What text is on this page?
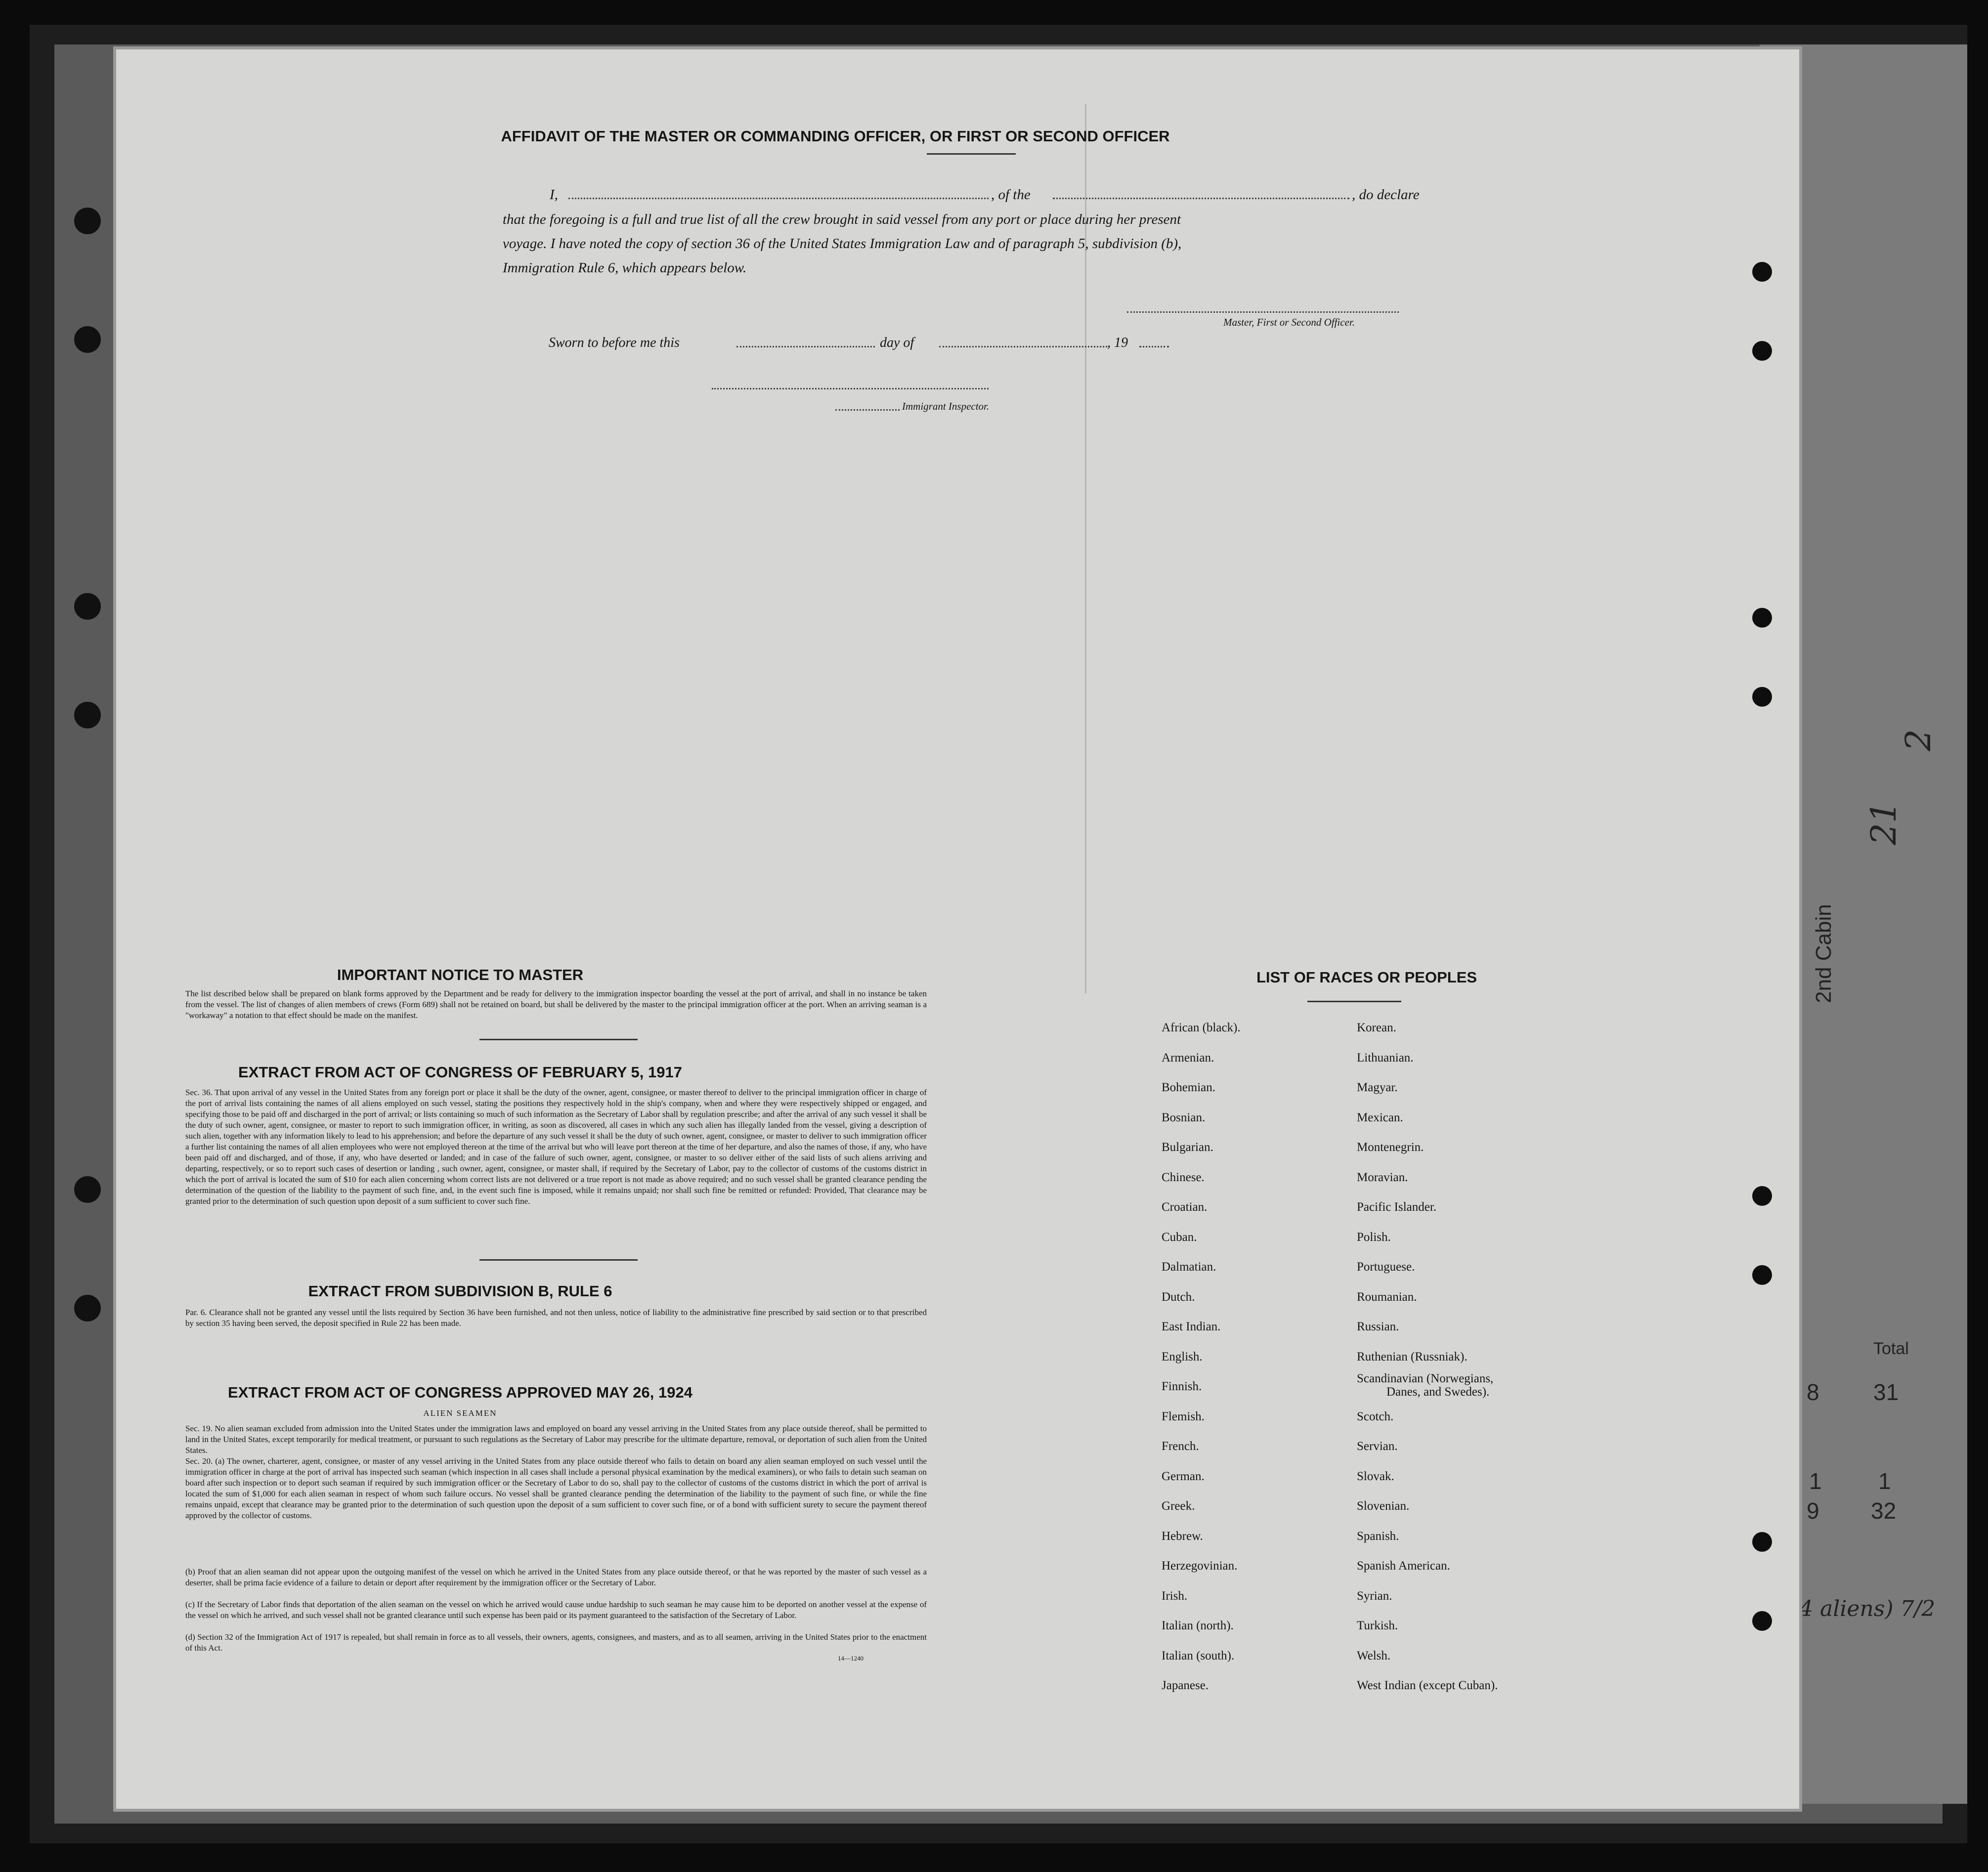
2nd Cabin
Total
8 31
1 1
9 32
21
2
4 aliens) 7/2
AFFIDAVIT OF THE MASTER OR COMMANDING OFFICER, OR FIRST OR SECOND OFFICER
I,	, of the	, do declare
that the foregoing is a full and true list of all the crew brought in said vessel from any port or place during her present
voyage. I have noted the copy of section 36 of the United States Immigration Law and of paragraph 5, subdivision (b),
Immigration Rule 6, which appears below.
Master, First or Second Officer.
Sworn to before me this	day of	, 19
Immigrant Inspector.
IMPORTANT NOTICE TO MASTER
The list described below shall be prepared on blank forms approved by the Department and be ready for delivery to the immigration inspector boarding the vessel at the port of arrival, and shall in no instance be taken from the vessel. The list of changes of alien members of crews (Form 689) shall not be retained on board, but shall be delivered by the master to the principal immigration officer at the port. When an arriving seaman is a "workaway" a notation to that effect should be made on the manifest.
EXTRACT FROM ACT OF CONGRESS OF FEBRUARY 5, 1917
Sec. 36. That upon arrival of any vessel in the United States from any foreign port or place it shall be the duty of the owner, agent, consignee, or master thereof to deliver to the principal immigration officer in charge of the port of arrival lists containing the names of all aliens employed on such vessel, stating the positions they respectively hold in the ship's company, when and where they were respectively shipped or engaged, and specifying those to be paid off and discharged in the port of arrival; or lists containing so much of such information as the Secretary of Labor shall by regulation prescribe; and after the arrival of any such vessel it shall be the duty of such owner, agent, consignee, or master to report to such immigration officer, in writing, as soon as discovered, all cases in which any such alien has illegally landed from the vessel, giving a description of such alien, together with any information likely to lead to his apprehension; and before the departure of any such vessel it shall be the duty of such owner, agent, consignee, or master to deliver to such immigration officer a further list containing the names of all alien employees who were not employed thereon at the time of the arrival but who will leave port thereon at the time of her departure, and also the names of those, if any, who have been paid off and discharged, and of those, if any, who have deserted or landed; and in case of the failure of such owner, agent, consignee, or master to so deliver either of the said lists of such aliens arriving and departing, respectively, or so to report such cases of desertion or landing , such owner, agent, consignee, or master shall, if required by the Secretary of Labor, pay to the collector of customs of the customs district in which the port of arrival is located the sum of $10 for each alien concerning whom correct lists are not delivered or a true report is not made as above required; and no such vessel shall be granted clearance pending the determination of the question of the liability to the payment of such fine, and, in the event such fine is imposed, while it remains unpaid; nor shall such fine be remitted or refunded: Provided, That clearance may be granted prior to the determination of such question upon deposit of a sum sufficient to cover such fine.
EXTRACT FROM SUBDIVISION B, RULE 6
Par. 6. Clearance shall not be granted any vessel until the lists required by Section 36 have been furnished, and not then unless, notice of liability to the administrative fine prescribed by said section or to that prescribed by section 35 having been served, the deposit specified in Rule 22 has been made.
EXTRACT FROM ACT OF CONGRESS APPROVED MAY 26, 1924
ALIEN SEAMEN
Sec. 19. No alien seaman excluded from admission into the United States under the immigration laws and employed on board any vessel arriving in the United States from any place outside thereof, shall be permitted to land in the United States, except temporarily for medical treatment, or pursuant to such regulations as the Secretary of Labor may prescribe for the ultimate departure, removal, or deportation of such alien from the United States.
Sec. 20. (a) The owner, charterer, agent, consignee, or master of any vessel arriving in the United States from any place outside thereof who fails to detain on board any alien seaman employed on such vessel until the immigration officer in charge at the port of arrival has inspected such seaman (which inspection in all cases shall include a personal physical examination by the medical examiners), or who fails to detain such seaman on board after such inspection or to deport such seaman if required by such immigration officer or the Secretary of Labor to do so, shall pay to the collector of customs of the customs district in which the port of arrival is located the sum of $1,000 for each alien seaman in respect of whom such failure occurs. No vessel shall be granted clearance pending the determination of the liability to the payment of such fine, or while the fine remains unpaid, except that clearance may be granted prior to the determination of such question upon the deposit of a sum sufficient to cover such fine, or of a bond with sufficient surety to secure the payment thereof approved by the collector of customs.
(b) Proof that an alien seaman did not appear upon the outgoing manifest of the vessel on which he arrived in the United States from any place outside thereof, or that he was reported by the master of such vessel as a deserter, shall be prima facie evidence of a failure to detain or deport after requirement by the immigration officer or the Secretary of Labor.
(c) If the Secretary of Labor finds that deportation of the alien seaman on the vessel on which he arrived would cause undue hardship to such seaman he may cause him to be deported on another vessel at the expense of the vessel on which he arrived, and such vessel shall not be granted clearance until such expense has been paid or its payment guaranteed to the satisfaction of the Secretary of Labor.
(d) Section 32 of the Immigration Act of 1917 is repealed, but shall remain in force as to all vessels, their owners, agents, consignees, and masters, and as to all seamen, arriving in the United States prior to the enactment of this Act.
14—1240
LIST OF RACES OR PEOPLES
African (black).
Armenian.
Bohemian.
Bosnian.
Bulgarian.
Chinese.
Croatian.
Cuban.
Dalmatian.
Dutch.
East Indian.
English.
Finnish.
Flemish.
French.
German.
Greek.
Hebrew.
Herzegovinian.
Irish.
Italian (north).
Italian (south).
Japanese.
Korean.
Lithuanian.
Magyar.
Mexican.
Montenegrin.
Moravian.
Pacific Islander.
Polish.
Portuguese.
Roumanian.
Russian.
Ruthenian (Russniak).
Scandinavian (Norwegians,
Danes, and Swedes).
Scotch.
Servian.
Slovak.
Slovenian.
Spanish.
Spanish American.
Syrian.
Turkish.
Welsh.
West Indian (except Cuban).
